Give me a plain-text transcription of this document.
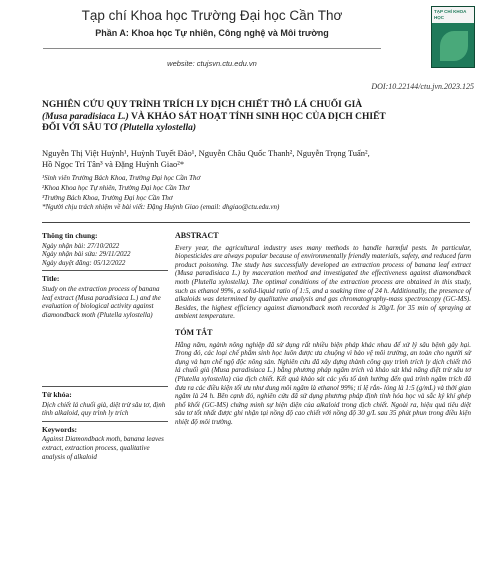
Tạp chí Khoa học Trường Đại học Cần Thơ
Phần A: Khoa học Tự nhiên, Công nghệ và Môi trường
website: ctujsvn.ctu.edu.vn
TẠP CHÍ KHOA HỌC
DOI:10.22144/ctu.jvn.2023.125
NGHIÊN CỨU QUY TRÌNH TRÍCH LY DỊCH CHIẾT THÔ LÁ CHUỐI GIÀ
(Musa paradisiaca L.) VÀ KHẢO SÁT HOẠT TÍNH SINH HỌC CỦA DỊCH CHIẾT
ĐỐI VỚI SÂU TƠ (Plutella xylostella)
Nguyễn Thị Việt Huỳnh¹, Huỳnh Tuyết Đào¹, Nguyễn Châu Quốc Thanh², Nguyễn Trọng Tuấn²,
Hồ Ngọc Trí Tân³ và Đặng Huỳnh Giao²*
¹Sinh viên Trường Bách Khoa, Trường Đại học Cần Thơ
²Khoa Khoa học Tự nhiên, Trường Đại học Cần Thơ
³Trường Bách Khoa, Trường Đại học Cần Thơ
*Người chịu trách nhiệm về bài viết: Đặng Huỳnh Giao (email: dhgiao@ctu.edu.vn)
Thông tin chung:
Ngày nhận bài: 27/10/2022
Ngày nhận bài sửa: 29/11/2022
Ngày duyệt đăng: 05/12/2022
Title:
Study on the extraction process of banana leaf extract (Musa paradisiaca L.) and the evaluation of biological activity against diamondback moth (Plutella xylostella)
Từ khóa:
Dịch chiết lá chuối già, diệt trừ sâu tơ, định tính alkaloid, quy trình ly trích
Keywords:
Against Diamondback moth, banana leaves extract, extraction process, qualitative analysis of alkaloid
ABSTRACT

Every year, the agricultural industry uses many methods to handle harmful pests. In particular, biopesticides are always popular because of environmentally friendly materials, safety, and reduced farm product poisoning. The study has successfully developed an extraction process of banana leaf extract (Musa paradisiaca L.) by maceration method and investigated the effectiveness against diamondback moth (Plutella xylostella). The optimal conditions of the extraction process are obtained in this study, such as ethanol 99%, a solid-liquid ratio of 1:5, and a soaking time of 24 h. Additionally, the presence of alkaloids was determined by qualitative analysis and gas chromatography-mass spectroscopy (GC-MS). Besides, the highest efficiency against diamondback moth recorded is 20g/L for 35 min of spraying at ambient temperature.

TÓM TẮT

Hằng năm, ngành nông nghiệp đã sử dụng rất nhiều biện pháp khác nhau để xử lý sâu bệnh gây hại. Trong đó, các loại chế phẩm sinh học luôn được ưa chuộng vì bảo vệ môi trường, an toàn cho người sử dụng và hạn chế ngộ độc nông sản. Nghiên cứu đã xây dựng thành công quy trình trích ly dịch chiết thô lá chuối già (Musa paradisiaca L.) bằng phương pháp ngâm trích và khảo sát khả năng diệt trừ sâu tơ (Plutella xylostella) của dịch chiết. Kết quả khảo sát các yếu tố ảnh hưởng đến quá trình ngâm trích đã đưa ra các điều kiện tối ưu như dung môi ngâm là ethanol 99%; tỉ lệ rắn- lỏng là 1:5 (g/mL) và thời gian ngâm là 24 h. Bên cạnh đó, nghiên cứu đã sử dụng phương pháp định tính hóa học và sắc ký khí ghép phổ khối (GC-MS) chứng minh sự hiện diện của alkaloid trong dịch chiết. Ngoài ra, hiệu quả tiêu diệt sâu tơ tốt nhất được ghi nhận tại nồng độ cao chiết với nồng độ 30 g/L sau 35 phút phun trong điều kiện nhiệt độ môi trường.
